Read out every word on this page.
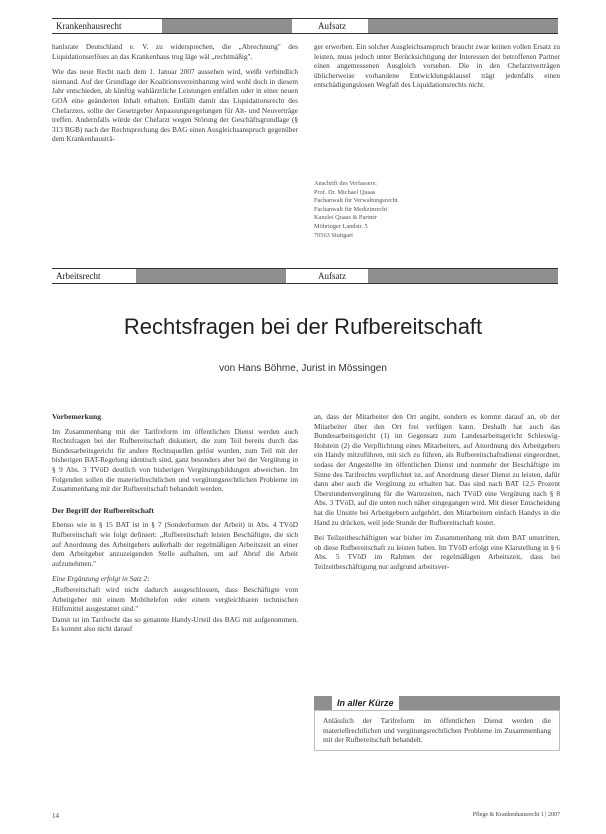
Krankenhausrecht	Aufsatz

hanlsrate Deutschland e. V. zu widersprechen, die „Abrechnung" des Liquidationserlöses an das Krankenhaus trug läge wäl „rechtmäßig".

Wie das neue Recht nach dem 1. Januar 2007 aussehen wird, weißt verbindlich niemand. Auf der Grundlage der Koalitionsvereinbarung wird wohl doch in diesem Jahr entschieden, ab künftig wahlärztliche Leistungen entfallen oder in einer neuen GOÄ eine geänderten Inhalt erhalten. Entfällt damit das Liquidationsrecht des Chefarztes, sollte der Gesetzgeber Anpassungsregelungen für Alt- und Neuverträge treffen. Andernfalls würde der Chefarzt wegen Störung der Geschäftsgrundlage (§ 313 BGB) nach der Rechtsprechung des BAG einen Ausgleichsanspruch gegenüber dem Krankenhausträ-

ger erwerben. Ein solcher Ausgleichsanspruch braucht zwar keinen vollen Ersatz zu leisten, muss jedoch unter Berücksichtigung der Interessen der betroffenen Partner einen angemessenen Ausgleich vorsehen. Die in den Chefarztverträgen üblicherweise vorhandene Entwicklungsklausel trägt jedenfalls einen entschädigungslosen Wegfall des Liquidationsrechts nicht.

Anschrift des Verfassers:
Prof. Dr. Michael Quaas
Fachanwalt für Verwaltungsrecht
Fachanwalt für Medizinrecht
Kanzlei Quaas & Partner
Möhringer Landstr. 5
70563 Stuttgart
Arbeitsrecht	Aufsatz
Rechtsfragen bei der Rufbereitschaft
von Hans Böhme, Jurist in Mössingen
Vorbemerkung

Im Zusammenhang mit der Tarifreform im öffentlichen Dienst werden auch Rechtsfragen bei der Rufbereitschaft diskutiert, die zum Teil bereits durch das Bundesarbeitsgericht für andere Rechtsquellen gelöst wurden, zum Teil mit der bisherigen BAT-Regelung identisch sind, ganz besonders aber bei der Vergütung in § 9 Abs. 3 TVöD deutlich von bisherigen Vergütungsbildungen abweichen. Im Folgenden sollen die materiellrechtlichen und vergütungsrechtlichen Probleme im Zusammenhang mit der Rufbereitschaft behandelt werden.

Der Begriff der Rufbereitschaft

Ebenso wie in § 15 BAT ist in § 7 (Sonderformen der Arbeit) in Abs. 4 TVöD Rufbereitschaft wie folgt definiert: „Rufbereitschaft leisten Beschäftigte, die sich auf Anordnung des Arbeitgebers außerhalb der regelmäßigen Arbeitszeit an einer dem Arbeitgeber anzuzeigenden Stelle aufhalten, um auf Abruf die Arbeit aufzunehmen."

Eine Ergänzung erfolgt in Satz 2:

„Rufbereitschaft wird nicht dadurch ausgeschlossen, dass Beschäftigte vom Arbeitgeber mit einem Mobiltelefon oder einem vergleichbaren technischen Hilfsmittel ausgestattet sind."

Damit ist im Tarifrecht das so genannte Handy-Urteil des BAG mit aufgenommen. Es kommt also nicht darauf

an, dass der Mitarbeiter den Ort angibt, sondern es kommt darauf an, ob der Mitarbeiter über den Ort frei verfügen kann. Deshalb hat auch das Bundesarbeitsgericht (1) im Gegensatz zum Landesarbeitsgericht Schleswig-Holstein (2) die Verpflichtung eines Mitarbeiters, auf Anordnung des Arbeitgebers ein Handy mitzuführen, mit sich zu führen, als Rufbereitschaftsdienst eingeordnet, sodass der Angestellte im öffentlichen Dienst und nunmehr der Beschäftigte im Sinne des Tarifrechts verpflichtet ist, auf Anordnung dieser Dienst zu leisten, dafür dann aber auch die Vergütung zu erhalten hat. Das sind nach BAT 12,5 Prozent Überstundenvergütung für die Wartezeiten, nach TVöD eine Vergütung nach § 8 Abs. 3 TVöD, auf die unten noch näher eingegangen wird. Mit dieser Entscheidung hat die Unsitte bei Arbeitgebern aufgehört, den Mitarbeitern einfach Handys in die Hand zu drücken, weil jede Stunde der Rufbereitschaft kostet.

Bei Teilzeitbeschäftigten war bisher im Zusammenhang mit dem BAT umstritten, ob diese Rufbereitschaft zu leisten haben. Im TVöD erfolgt eine Klarstellung in § 6 Abs. 5 TVöD im Rahmen der regelmäßigen Arbeitszeit, dass bei Teilzeitbeschäftigung nur aufgrund arbeitsver-

In aller Kürze
Anlässlich der Tarifreform im öffentlichen Dienst werden die materiellrechtlichen und vergütungsrechtlichen Probleme im Zusammenhang mit der Rufbereitschaft behandelt.
14	Pflege & Krankenhausrecht 1 | 2007
